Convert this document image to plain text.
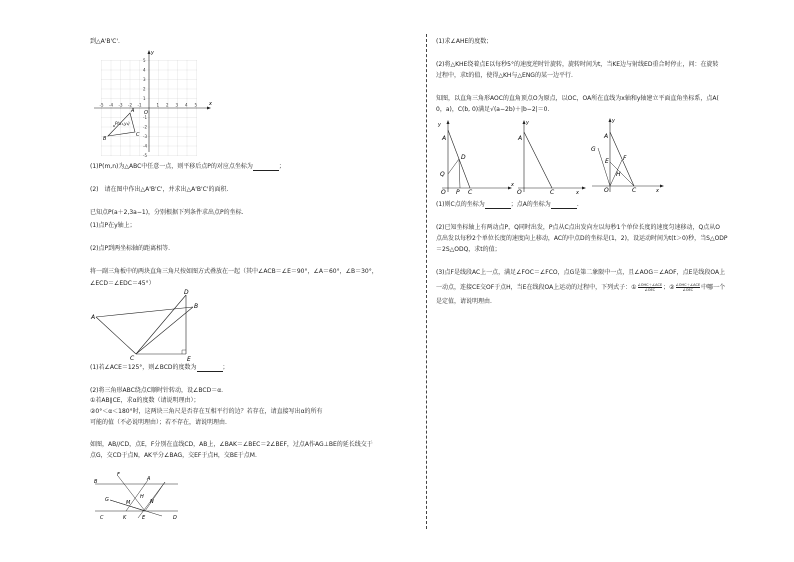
到△A'B'C'.
x
y
O
-5 -4 -3 -2 -1	1 2 3 4 5
5
4
3
2
1
-1
-2
-3
-4
-5
A
B
C
P(x₁,y₁)
(1)P(m,n)为△ABC中任意一点，则平移后点P的对应点坐标为	；
(2)　请在图中作出△A'B'C'，并求出△A'B'C'的面积.
已知点P(a＋2,3a−1)，分别根据下列条件求出点P的坐标.
(1)点P在y轴上；
(2)点P到两坐标轴的距离相等.
将一副三角板中的两块直角三角尺按如图方式叠放在一起（其中∠ACB＝∠E＝90°，∠A＝60°，∠B＝30°，
∠ECD＝∠EDC＝45°）
A
B
C
D
E
(1)若∠ACE＝125°，则∠BCD的度数为	；
(2)将三角形ABC绕点C顺时针转动，设∠BCD＝α.
①若AB∥CE，求α的度数（请说明理由）；
②0°＜α＜180°时，这两块三角尺是否存在互相平行的边？若存在，请直接写出α的所有
可能的值（不必说明理由）；若不存在，请说明理由.
如图，AB//CD，点E，F分别在直线CD，AB上，∠BAK＝∠BEC＝2∠BEF，过点A作AG⊥BE的延长线交于
点G，交CD于点N，AK平分∠BAG，交EF于点H，交BE于点M.
F
A
B
G	H
M	N
C	K	E	D
(1)求∠AHE的度数；
(2)将△KHE绕着点E以每秒5°的速度逆时针旋转，旋转时间为t，当KE边与射线ED重合时停止，问：在旋转
过程中，求t的值，使得△KH与△ENG的某一边平行.
知图，以直角三角形AOC的直角顶点O为原点，以OC，OA所在直线为x轴和y轴建立平面直角坐标系，点A(
0，a)，C(b, 0)满足√(a−2b)＋|b−2|＝0.
y
A
D
Q
O P C
x
y
A
O	C	x
y
A
G
F
E
H
O	C	x
(1)则C点的坐标为	；点A的坐标为	.
(2)已知坐标轴上有两动点P，Q同时出发，P点从C点出发向左以每秒1个单位长度的速度匀速移动，Q点从O
点出发以每秒2个单位长度的速度向上移动，AC的中点D的坐标是(1，2)，设运动时间为t(t＞0)秒，当S△ODP
＝2S△ODQ，求t的值；
(3)点F是线段AC上一点，满足∠FOC＝∠FCO，点G是第二象限中一点，且∠AOG＝∠AOF，点E是线段OA上
一动点，连接CE交OF于点H，当E在线段OA上运动的过程中，下列式子：① ∠OHC＋∠ACE
∠OEC	；② ∠OHC＋∠ACE
∠OEC	中哪一个
是定值，请说明理由.
